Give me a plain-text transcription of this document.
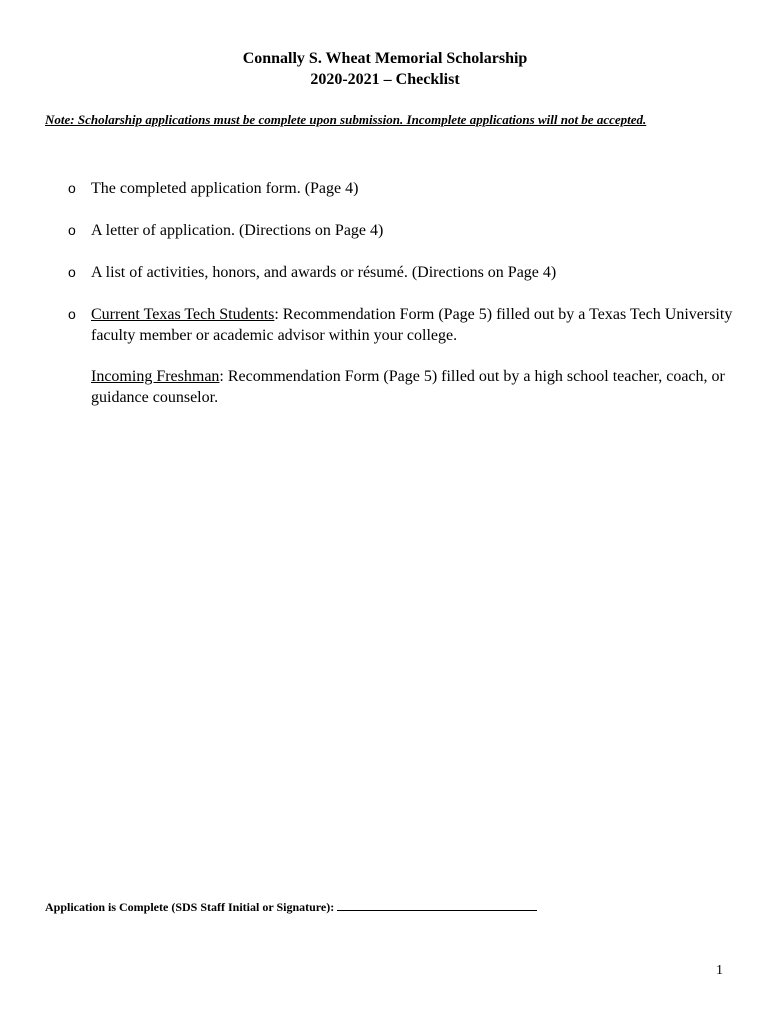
Connally S. Wheat Memorial Scholarship
2020-2021 – Checklist
Note: Scholarship applications must be complete upon submission. Incomplete applications will not be accepted.
o The completed application form. (Page 4)
o A letter of application. (Directions on Page 4)
o A list of activities, honors, and awards or résumé. (Directions on Page 4)
o Current Texas Tech Students: Recommendation Form (Page 5) filled out by a Texas Tech University faculty member or academic advisor within your college.
Incoming Freshman: Recommendation Form (Page 5) filled out by a high school teacher, coach, or guidance counselor.
Application is Complete (SDS Staff Initial or Signature):
1
